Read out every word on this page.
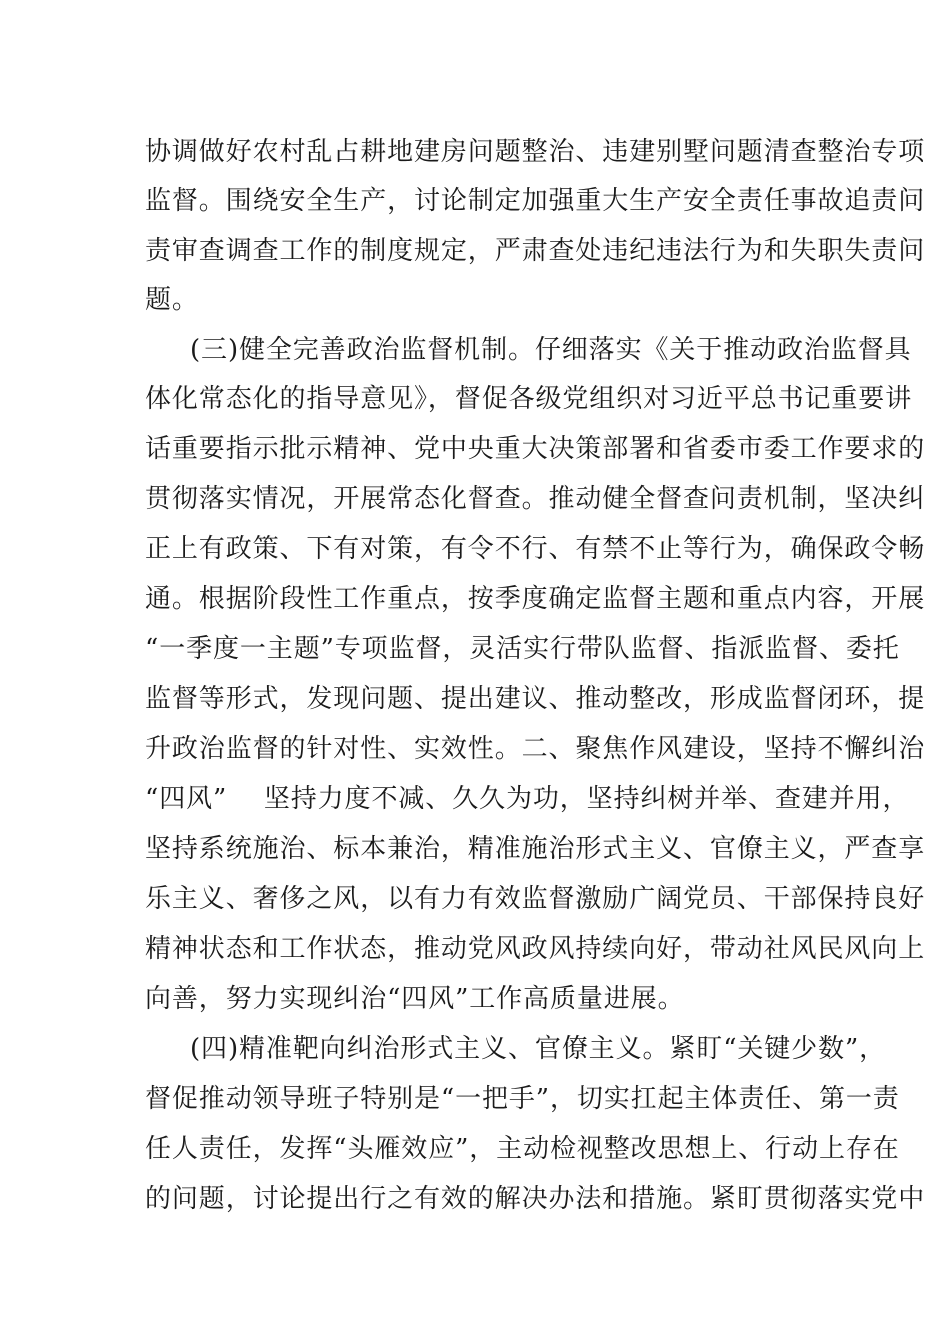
协调做好农村乱占耕地建房问题整治、违建别墅问题清查整治专项
监督。围绕安全生产，讨论制定加强重大生产安全责任事故追责问
责审查调查工作的制度规定，严肃查处违纪违法行为和失职失责问
题。
(三)健全完善政治监督机制。仔细落实《关于推动政治监督具
体化常态化的指导意见》，督促各级党组织对习近平总书记重要讲
话重要指示批示精神、党中央重大决策部署和省委市委工作要求的
贯彻落实情况，开展常态化督查。推动健全督查问责机制，坚决纠
正上有政策、下有对策，有令不行、有禁不止等行为，确保政令畅
通。根据阶段性工作重点，按季度确定监督主题和重点内容，开展
“一季度一主题”专项监督，灵活实行带队监督、指派监督、委托
监督等形式，发现问题、提出建议、推动整改，形成监督闭环，提
升政治监督的针对性、实效性。二、聚焦作风建设，坚持不懈纠治
“四风”    坚持力度不减、久久为功，坚持纠树并举、查建并用，
坚持系统施治、标本兼治，精准施治形式主义、官僚主义，严查享
乐主义、奢侈之风，以有力有效监督激励广阔党员、干部保持良好
精神状态和工作状态，推动党风政风持续向好，带动社风民风向上
向善，努力实现纠治“四风”工作高质量进展。
(四)精准靶向纠治形式主义、官僚主义。紧盯“关键少数”，
督促推动领导班子特别是“一把手”，切实扛起主体责任、第一责
任人责任，发挥“头雁效应”，主动检视整改思想上、行动上存在
的问题，讨论提出行之有效的解决办法和措施。紧盯贯彻落实党中
